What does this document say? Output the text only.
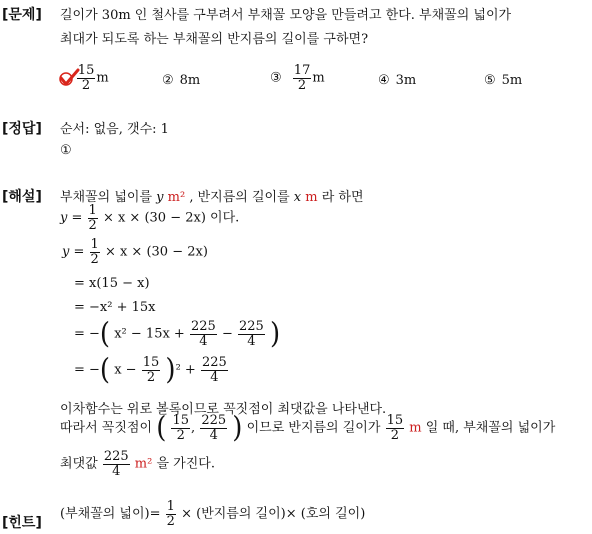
[문제] 길이가 30m 인 철사를 구부려서 부채꼴 모양을 만들려고 한다. 부채꼴의 넓이가
최대가 되도록 하는 부채꼴의 반지름의 길이를 구하면?
$\frac{15}{2}$ m	② 8m	③ $\frac{17}{2}$ m	④ 3m	⑤ 5m
[정답] 순서: 없음, 갯수: 1
①
[해설] 부채꼴의 넓이를 y m² , 반지름의 길이를 x m 라 하면
$y = \frac{1}{2} \times x \times (30 - 2x)$ 이다.
$y = \frac{1}{2} \times x \times (30 - 2x)$
= x(15 − x)
= −x² + 15x
= −( $x^2 - 15x + \frac{225}{4} - \frac{225}{4}$ )
= −( $x - \frac{15}{2} )^2 + \frac{225}{4}$
이차함수는 위로 볼록이므로 꼭짓점이 최댓값을 나타낸다.
따라서 꼭짓점이 ( $\frac{15}{2}$ , $\frac{225}{4}$ ) 이므로 반지름의 길이가 $\frac{15}{2}$ m 일 때, 부채꼴의 넓이가
최댓값 $\frac{225}{4} m^2$ 을 가진다.
[힌트]
(부채꼴의 넓이)= $\frac{1}{2}$ × (반지름의 길이)× (호의 길이)
